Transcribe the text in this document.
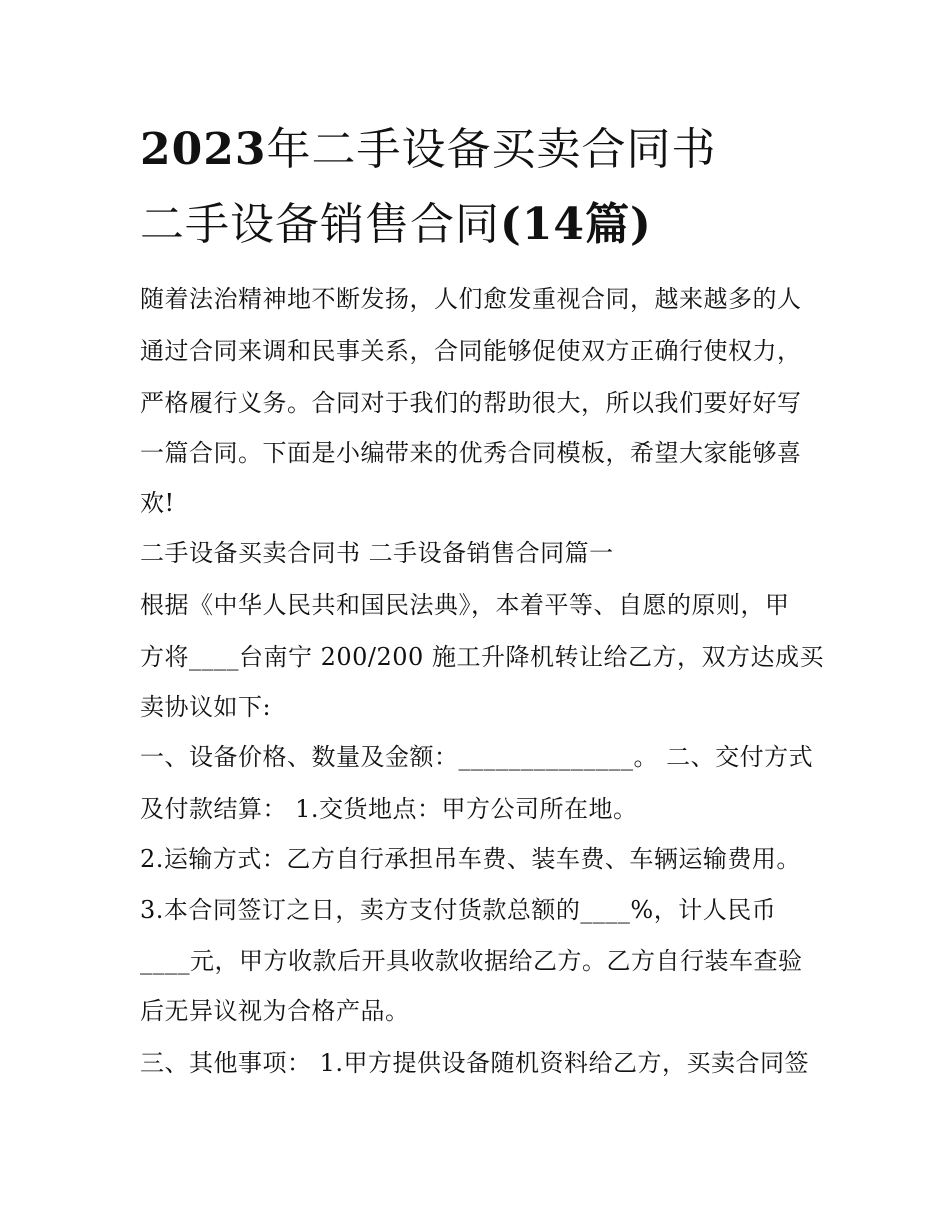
2023年二手设备买卖合同书
二手设备销售合同(14篇)
随着法治精神地不断发扬，人们愈发重视合同，越来越多的人
通过合同来调和民事关系，合同能够促使双方正确行使权力，
严格履行义务。合同对于我们的帮助很大，所以我们要好好写
一篇合同。下面是小编带来的优秀合同模板，希望大家能够喜
欢!
二手设备买卖合同书 二手设备销售合同篇一
根据《中华人民共和国民法典》，本着平等、自愿的原则，甲
方将____台南宁 200/200 施工升降机转让给乙方，双方达成买
卖协议如下:
一、设备价格、数量及金额：______________。 二、交付方式
及付款结算： 1.交货地点：甲方公司所在地。
2.运输方式：乙方自行承担吊车费、装车费、车辆运输费用。
3.本合同签订之日，卖方支付货款总额的____%，计人民币
____元，甲方收款后开具收款收据给乙方。乙方自行装车查验
后无异议视为合格产品。
三、其他事项： 1.甲方提供设备随机资料给乙方，买卖合同签
